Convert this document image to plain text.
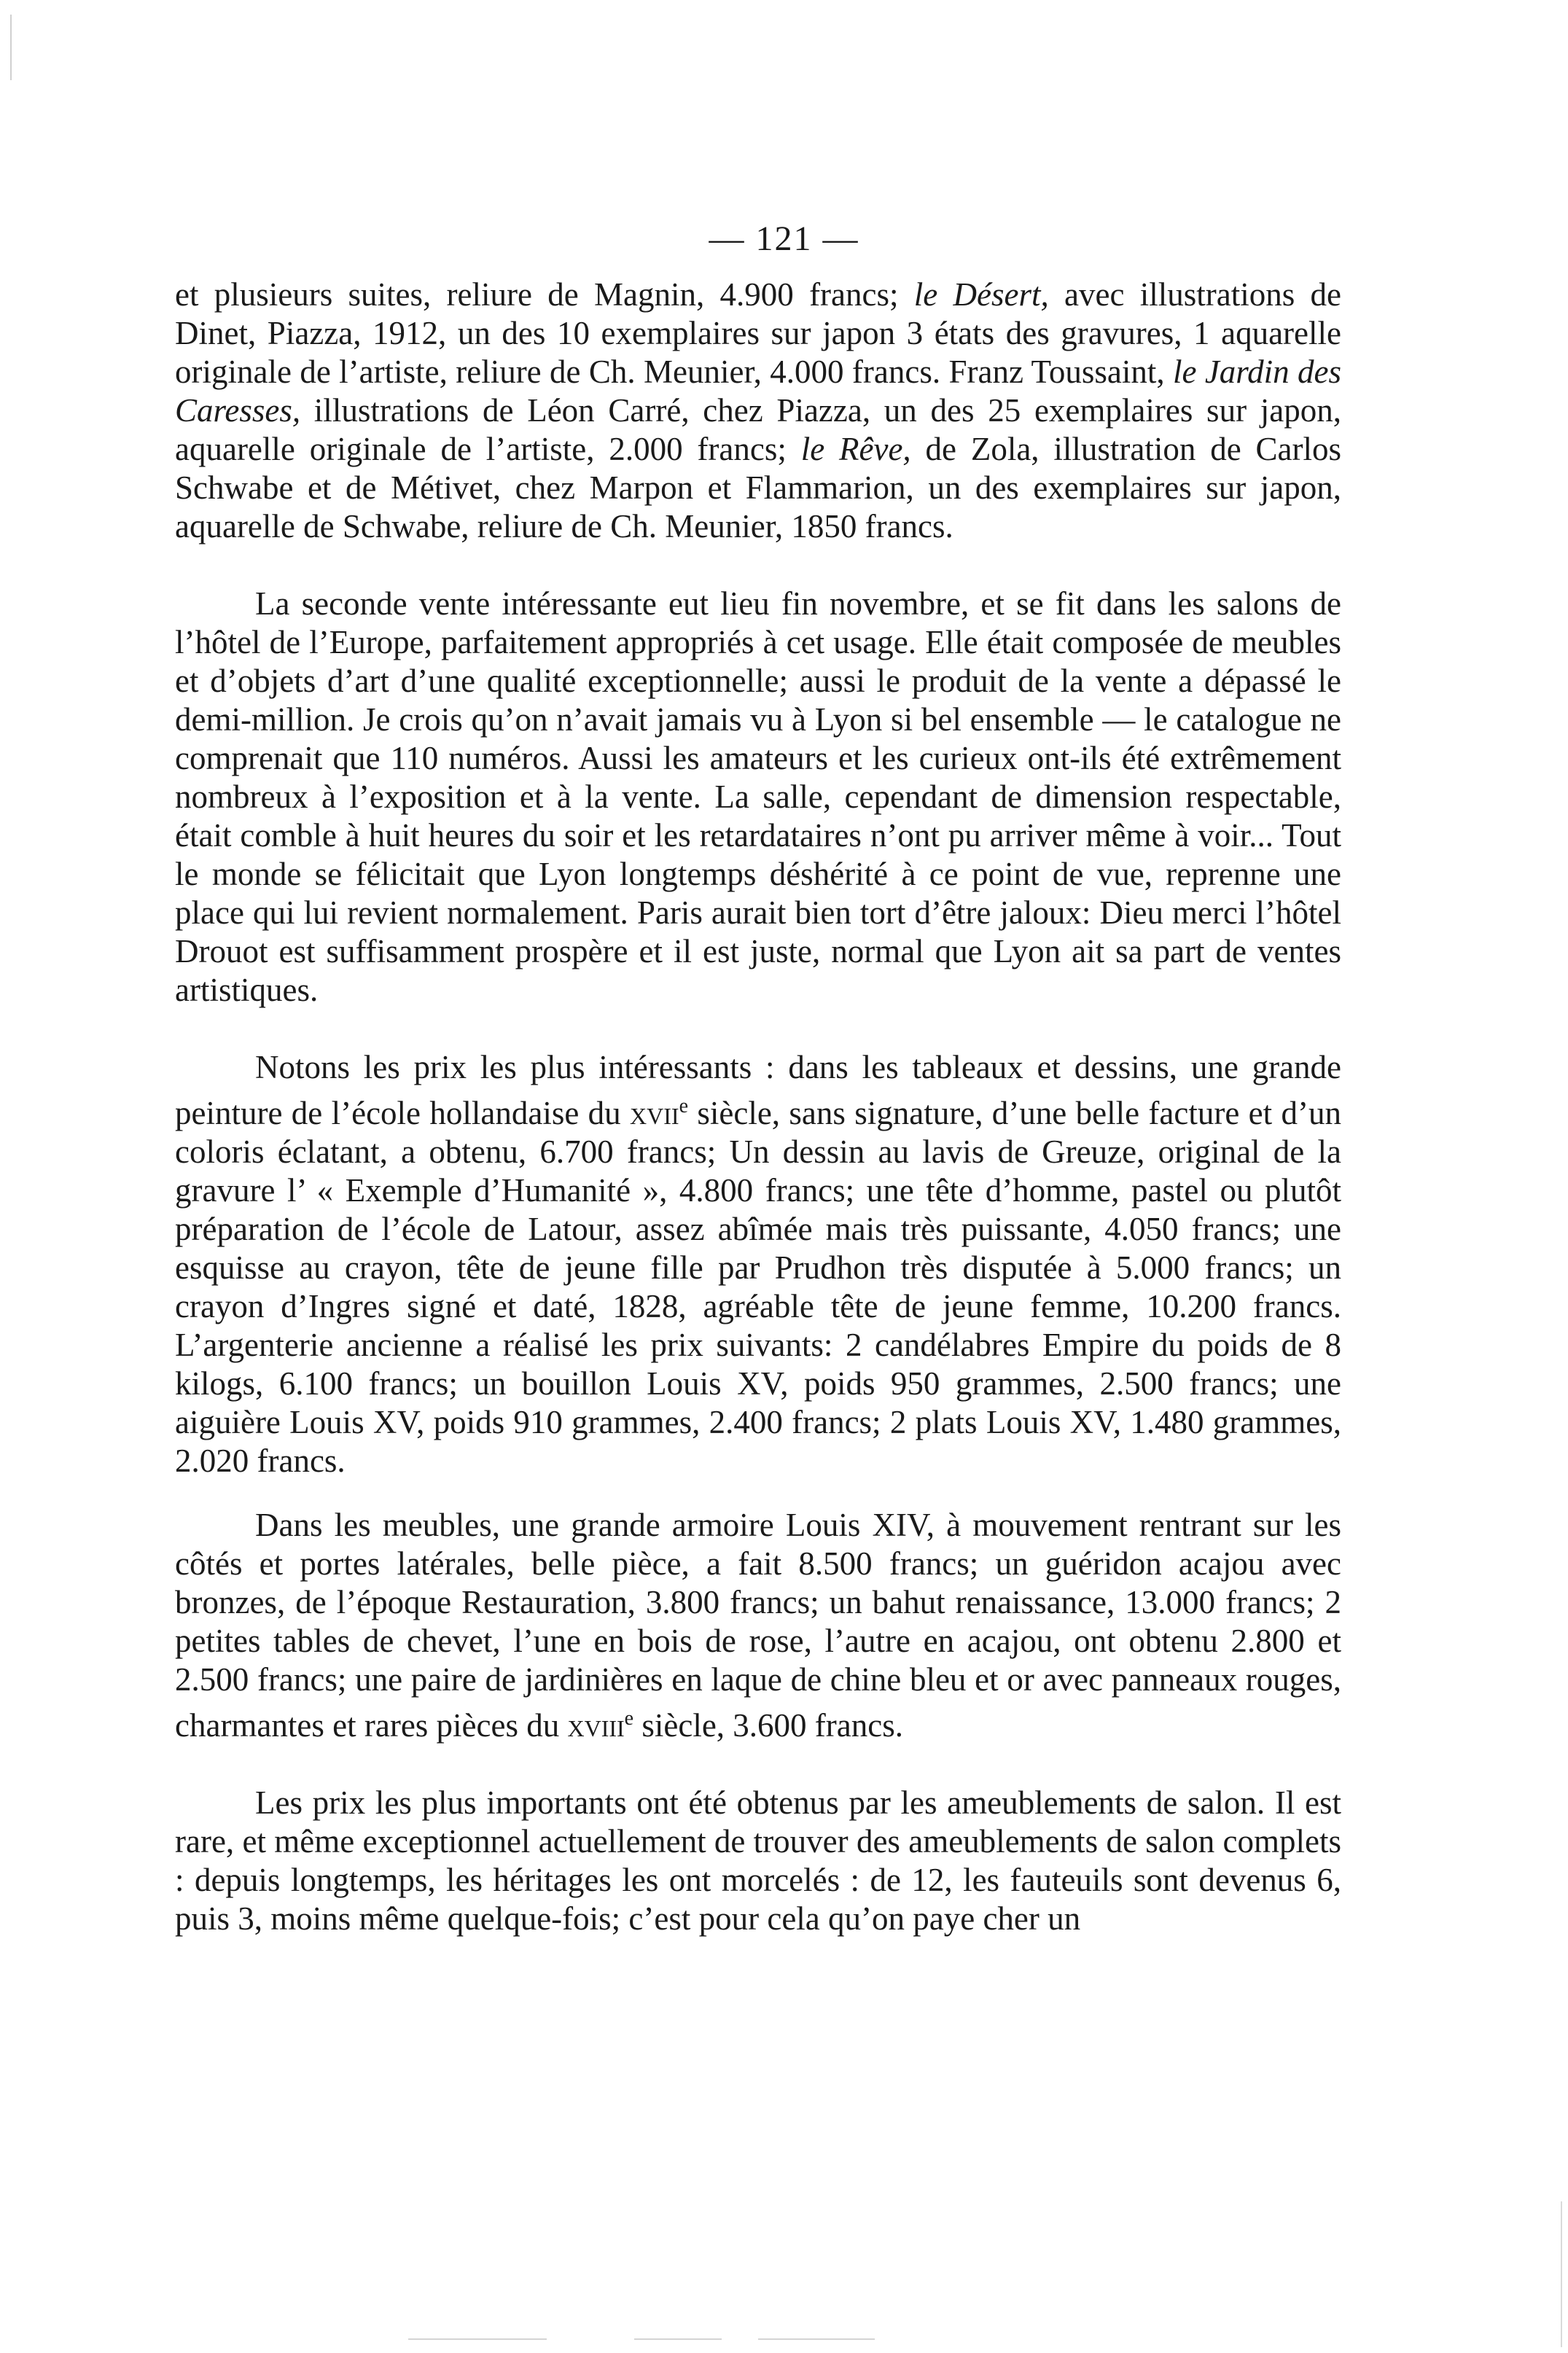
— 121 —

et plusieurs suites, reliure de Magnin, 4.900 francs; le Désert, avec illustrations de Dinet, Piazza, 1912, un des 10 exemplaires sur japon 3 états des gravures, 1 aquarelle originale de l’artiste, reliure de Ch. Meunier, 4.000 francs. Franz Toussaint, le Jardin des Caresses, illustrations de Léon Carré, chez Piazza, un des 25 exemplaires sur japon, aquarelle originale de l’artiste, 2.000 francs; le Rêve, de Zola, illustration de Carlos Schwabe et de Métivet, chez Marpon et Flammarion, un des exemplaires sur japon, aquarelle de Schwabe, reliure de Ch. Meunier, 1850 francs.

La seconde vente intéressante eut lieu fin novembre, et se fit dans les salons de l’hôtel de l’Europe, parfaitement appropriés à cet usage. Elle était composée de meubles et d’objets d’art d’une qualité exceptionnelle; aussi le produit de la vente a dépassé le demi-million. Je crois qu’on n’avait jamais vu à Lyon si bel ensemble — le catalogue ne comprenait que 110 numéros. Aussi les amateurs et les curieux ont-ils été extrêmement nombreux à l’exposition et à la vente. La salle, cependant de dimension respectable, était comble à huit heures du soir et les retardataires n’ont pu arriver même à voir... Tout le monde se félicitait que Lyon longtemps déshérité à ce point de vue, reprenne une place qui lui revient normalement. Paris aurait bien tort d’être jaloux: Dieu merci l’hôtel Drouot est suffisamment prospère et il est juste, normal que Lyon ait sa part de ventes artistiques.

Notons les prix les plus intéressants : dans les tableaux et dessins, une grande peinture de l’école hollandaise du xvii$^e$ siècle, sans signature, d’une belle facture et d’un coloris éclatant, a obtenu, 6.700 francs; Un dessin au lavis de Greuze, original de la gravure l’ « Exemple d’Humanité », 4.800 francs; une tête d’homme, pastel ou plutôt préparation de l’école de Latour, assez abîmée mais très puissante, 4.050 francs; une esquisse au crayon, tête de jeune fille par Prudhon très disputée à 5.000 francs; un crayon d’Ingres signé et daté, 1828, agréable tête de jeune femme, 10.200 francs. L’argenterie ancienne a réalisé les prix suivants: 2 candélabres Empire du poids de 8 kilogs, 6.100 francs; un bouillon Louis XV, poids 950 grammes, 2.500 francs; une aiguière Louis XV, poids 910 grammes, 2.400 francs; 2 plats Louis XV, 1.480 grammes, 2.020 francs.

Dans les meubles, une grande armoire Louis XIV, à mouvement rentrant sur les côtés et portes latérales, belle pièce, a fait 8.500 francs; un guéridon acajou avec bronzes, de l’époque Restauration, 3.800 francs; un bahut renaissance, 13.000 francs; 2 petites tables de chevet, l’une en bois de rose, l’autre en acajou, ont obtenu 2.800 et 2.500 francs; une paire de jardinières en laque de chine bleu et or avec panneaux rouges, charmantes et rares pièces du xviii$^e$ siècle, 3.600 francs.

Les prix les plus importants ont été obtenus par les ameublements de salon. Il est rare, et même exceptionnel actuellement de trouver des ameublements de salon complets : depuis longtemps, les héritages les ont morcelés : de 12, les fauteuils sont devenus 6, puis 3, moins même quelque-fois; c’est pour cela qu’on paye cher un
